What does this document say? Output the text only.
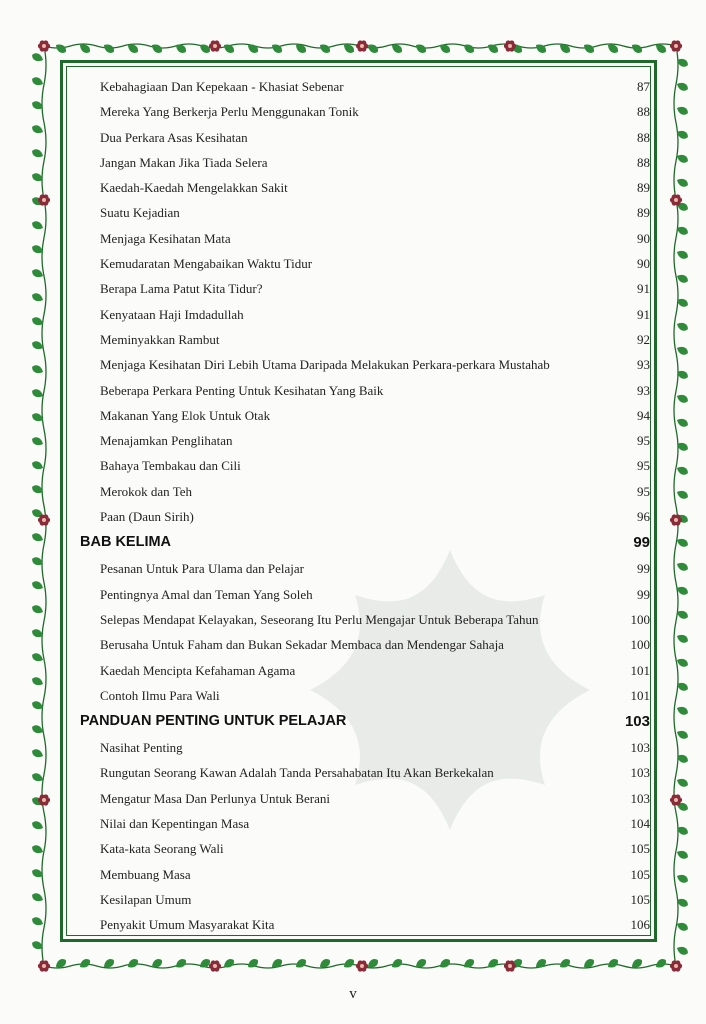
Kebahagiaan Dan Kepekaan - Khasiat Sebenar	87
Mereka Yang Berkerja Perlu Menggunakan Tonik	88
Dua Perkara Asas Kesihatan	88
Jangan Makan Jika Tiada Selera	88
Kaedah-Kaedah Mengelakkan Sakit	89
Suatu Kejadian	89
Menjaga Kesihatan Mata	90
Kemudaratan Mengabaikan Waktu Tidur	90
Berapa Lama Patut Kita Tidur?	91
Kenyataan Haji Imdadullah	91
Meminyakkan Rambut	92
Menjaga Kesihatan Diri Lebih Utama Daripada Melakukan Perkara-perkara Mustahab	93
Beberapa Perkara Penting Untuk Kesihatan Yang Baik	93
Makanan Yang Elok Untuk Otak	94
Menajamkan Penglihatan	95
Bahaya Tembakau dan Cili	95
Merokok dan Teh	95
Paan (Daun Sirih)	96
BAB KELIMA	99
Pesanan Untuk Para Ulama dan Pelajar	99
Pentingnya Amal dan Teman Yang Soleh	99
Selepas Mendapat Kelayakan, Seseorang Itu Perlu Mengajar Untuk Beberapa Tahun	100
Berusaha Untuk Faham dan Bukan Sekadar Membaca dan Mendengar Sahaja	100
Kaedah Mencipta Kefahaman Agama	101
Contoh Ilmu Para Wali	101
PANDUAN PENTING UNTUK PELAJAR	103
Nasihat Penting	103
Rungutan Seorang Kawan Adalah Tanda Persahabatan Itu Akan Berkekalan	103
Mengatur Masa Dan Perlunya Untuk Berani	103
Nilai dan Kepentingan Masa	104
Kata-kata Seorang Wali	105
Membuang Masa	105
Kesilapan Umum	105
Penyakit Umum Masyarakat Kita	106
v
